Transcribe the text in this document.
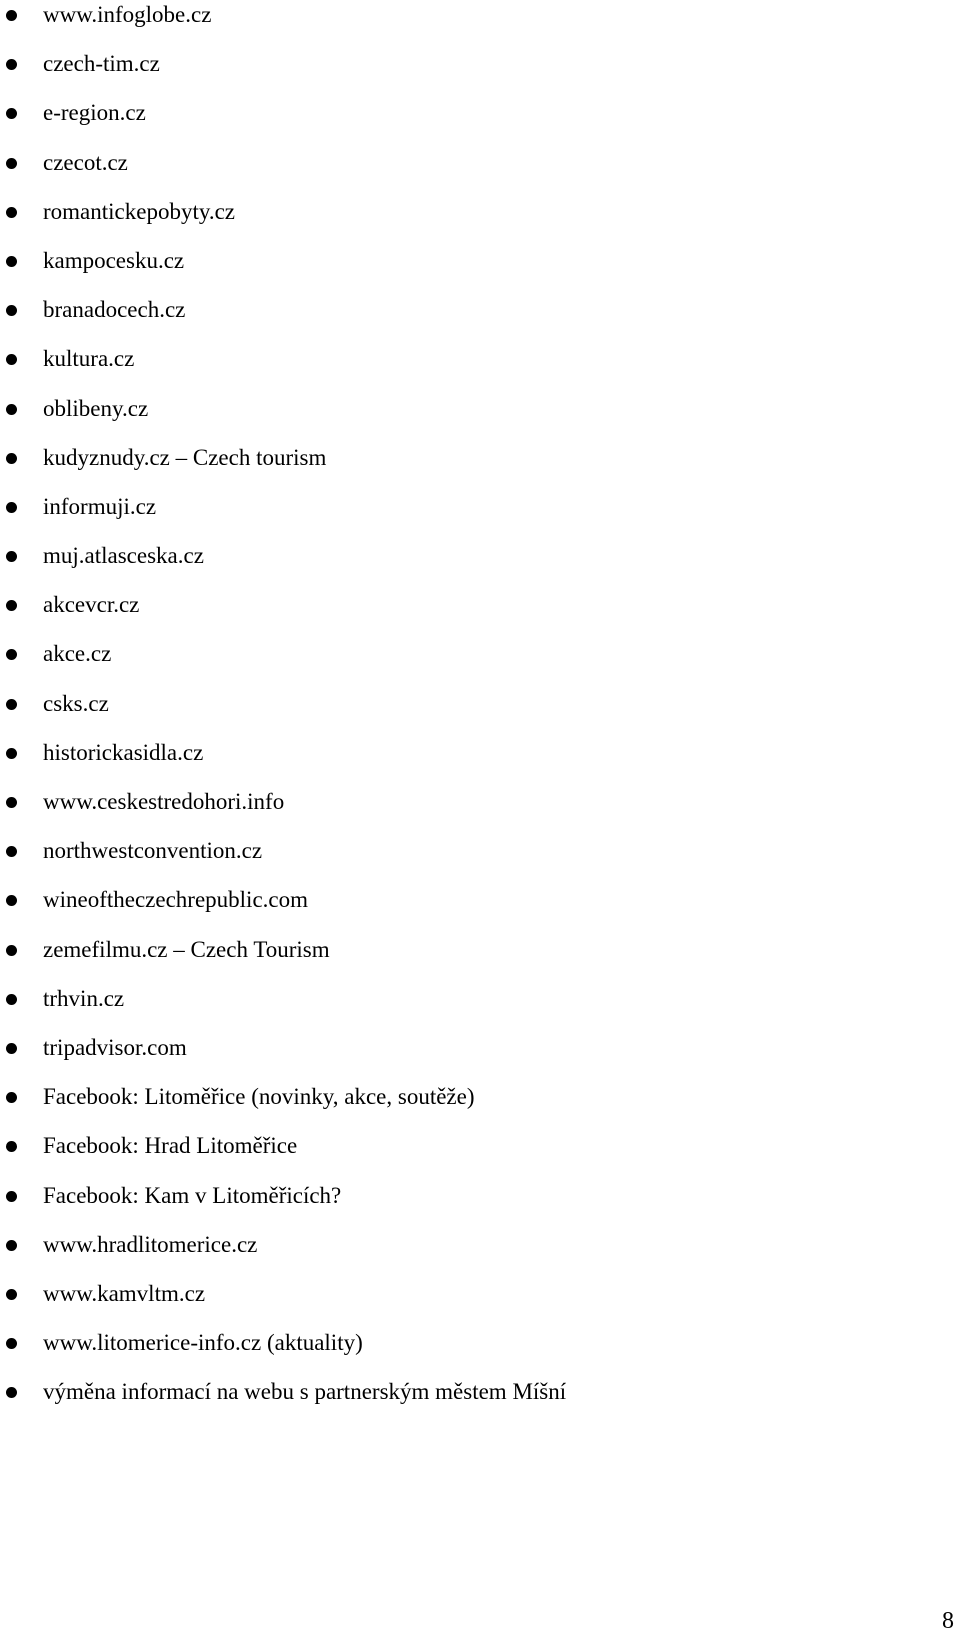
www.infoglobe.cz
czech-tim.cz
e-region.cz
czecot.cz
romantickepobyty.cz
kampocesku.cz
branadocech.cz
kultura.cz
oblibeny.cz
kudyznudy.cz – Czech tourism
informuji.cz
muj.atlasceska.cz
akcevcr.cz
akce.cz
csks.cz
historickasidla.cz
www.ceskestredohori.info
northwestconvention.cz
wineoftheczechrepublic.com
zemefilmu.cz – Czech Tourism
trhvin.cz
tripadvisor.com
Facebook: Litoměřice (novinky, akce, soutěže)
Facebook: Hrad Litoměřice
Facebook: Kam v Litoměřicích?
www.hradlitomerice.cz
www.kamvltm.cz
www.litomerice-info.cz (aktuality)
výměna informací na webu s partnerským městem Míšní
8
